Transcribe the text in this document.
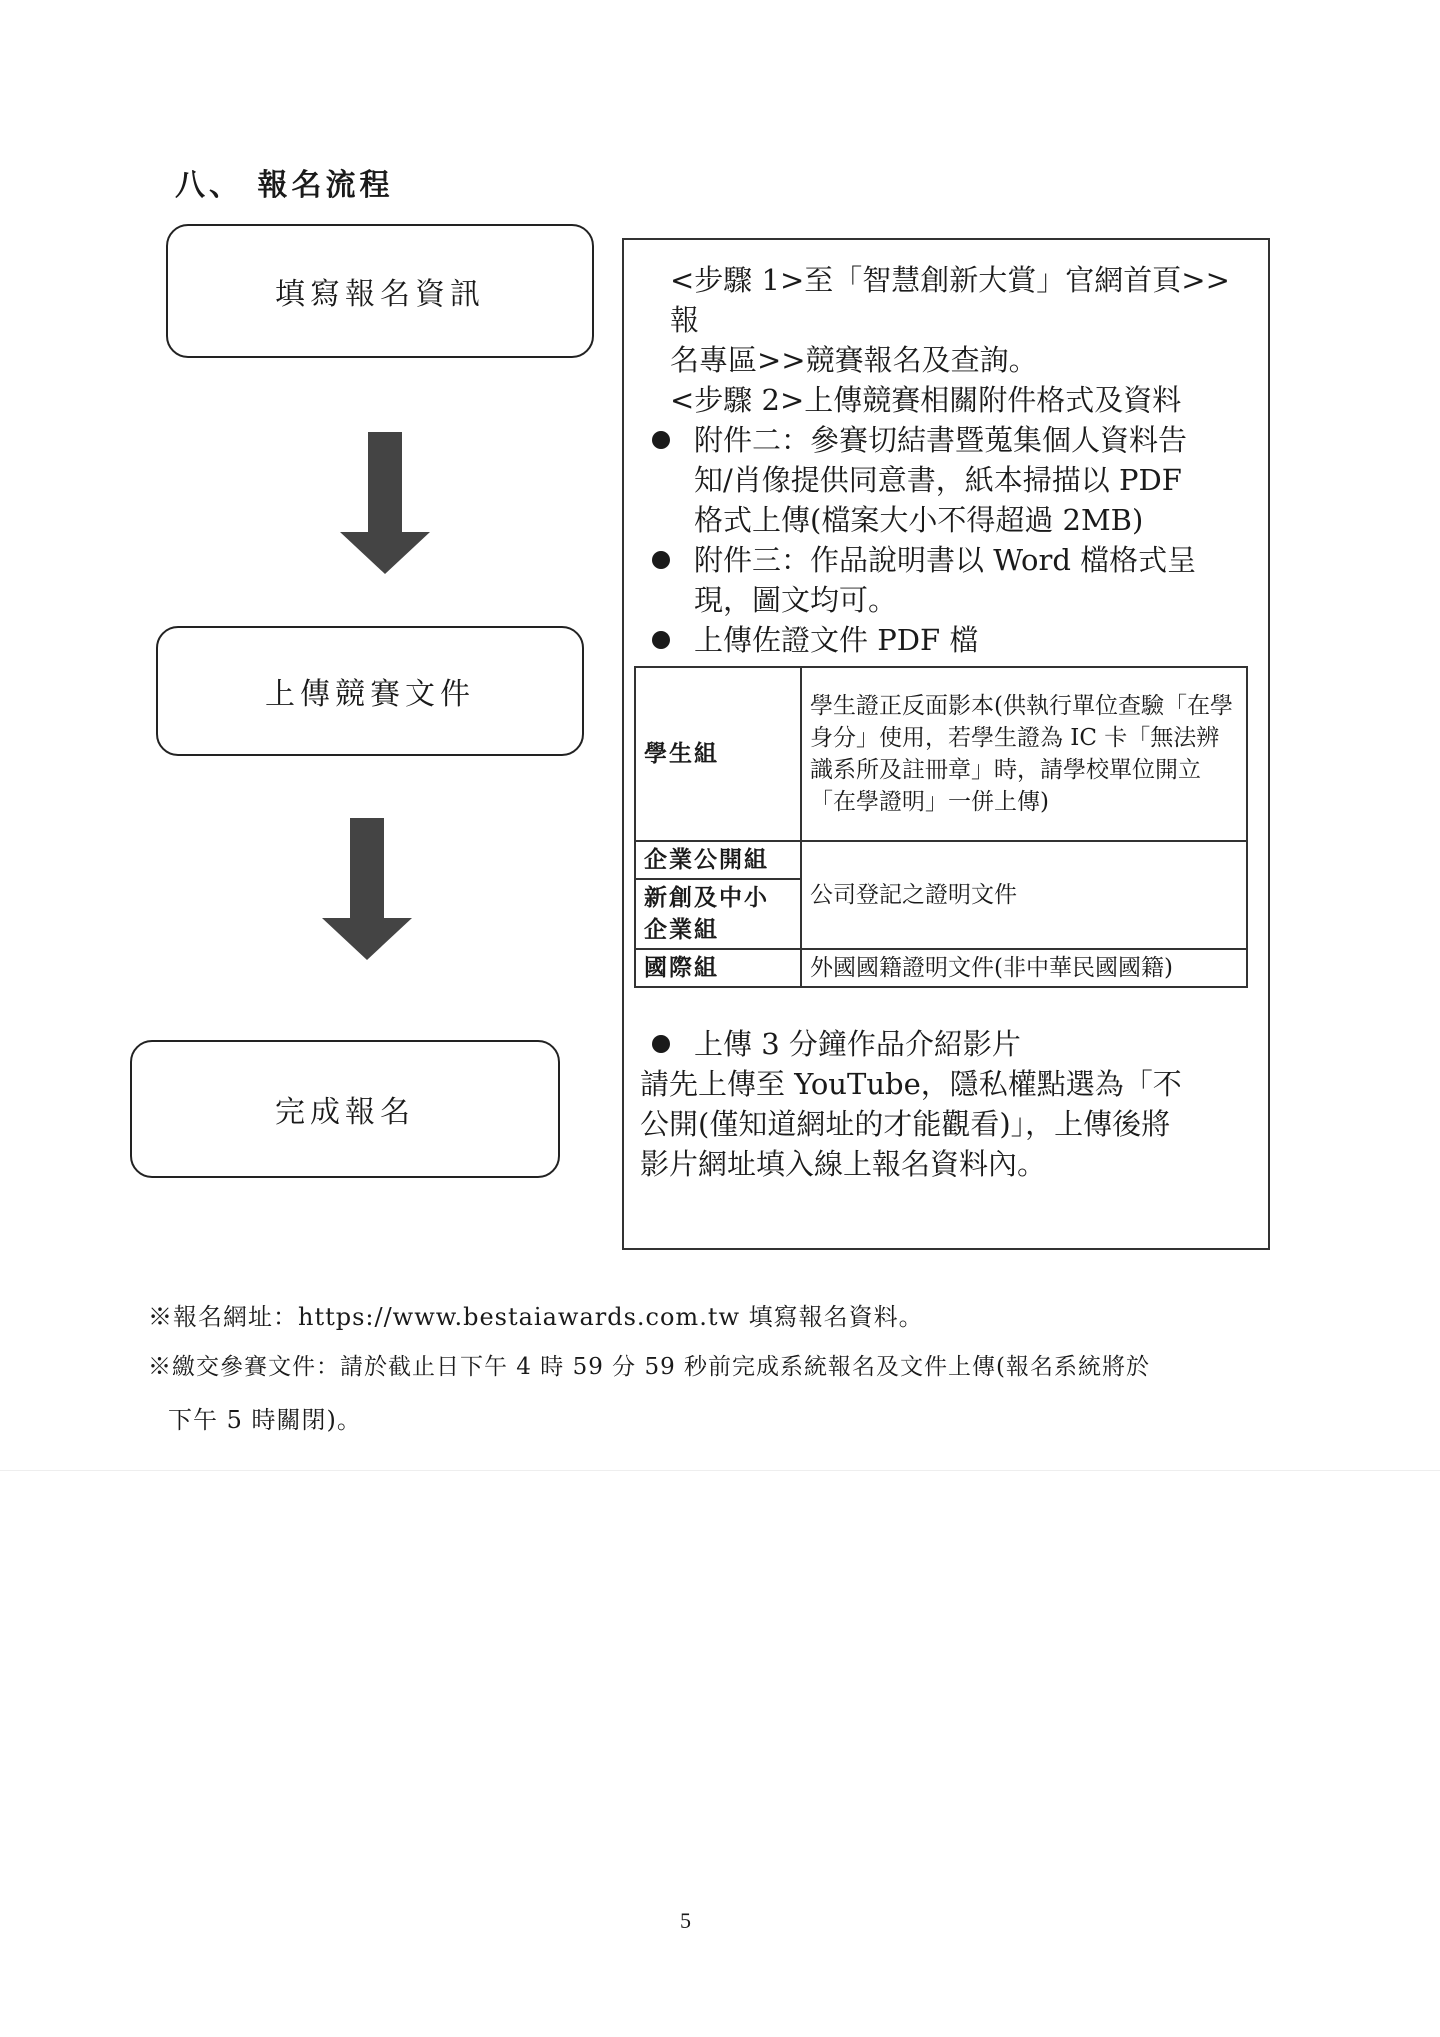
八、 報名流程
填寫報名資訊
上傳競賽文件
完成報名

<步驟 1>至「智慧創新大賞」官網首頁>>報

名專區>>競賽報名及查詢。

<步驟 2>上傳競賽相關附件格式及資料

附件二：參賽切結書暨蒐集個人資料告

知/肖像提供同意書，紙本掃描以 PDF

格式上傳(檔案大小不得超過 2MB)

附件三：作品說明書以 Word 檔格式呈

現，圖文均可。

上傳佐證文件 PDF 檔

學生組	學生證正反面影本(供執行單位查驗「在學身分」使用，若學生證為 IC 卡「無法辨識系所及註冊章」時，請學校單位開立「在學證明」一併上傳)
企業公開組	公司登記之證明文件
新創及中小企業組	
國際組	外國國籍證明文件(非中華民國國籍)

上傳 3 分鐘作品介紹影片

請先上傳至 YouTube，隱私權點選為「不

公開(僅知道網址的才能觀看)」，上傳後將

影片網址填入線上報名資料內。

※報名網址：https://www.bestaiawards.com.tw 填寫報名資料。
※繳交參賽文件：請於截止日下午 4 時 59 分 59 秒前完成系統報名及文件上傳(報名系統將於
下午 5 時關閉)。
5
